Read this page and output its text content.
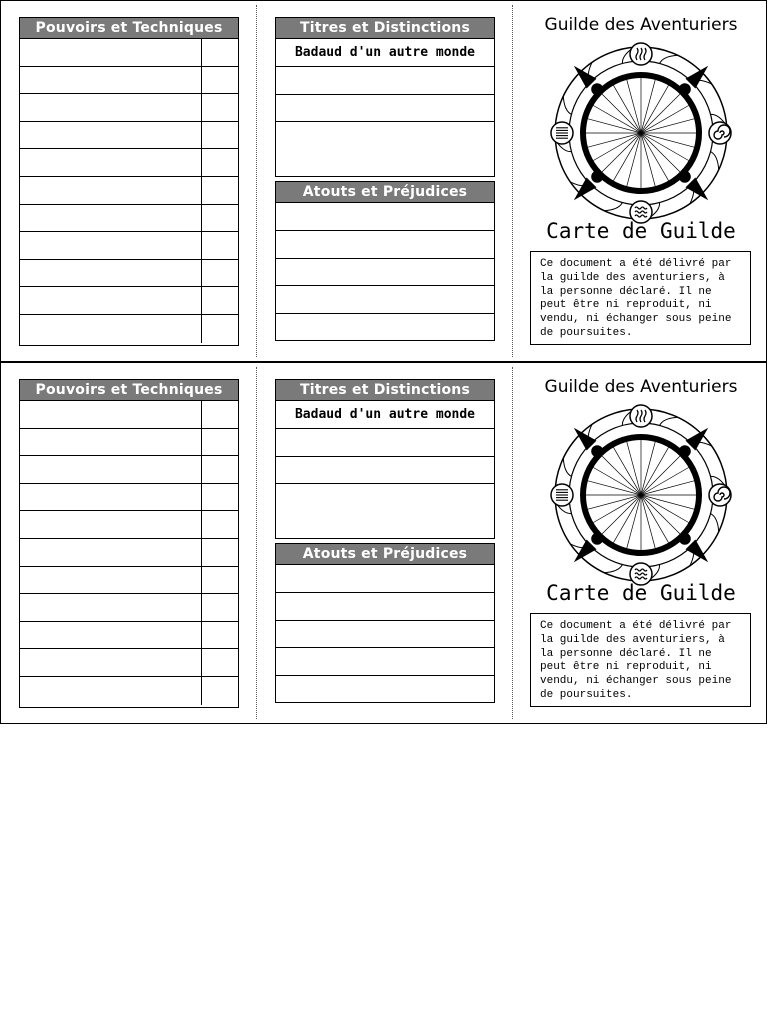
Pouvoirs et Techniques	Titres et Distinctions
Badaud d'un autre monde
Atouts et Préjudices
Guilde des Aventuriers
Carte de Guilde
Ce document a été délivré par la guilde des aventuriers, à la personne déclaré. Il ne peut être ni reproduit, ni vendu, ni échanger sous peine de poursuites.
Pouvoirs et Techniques	Titres et Distinctions
Badaud d'un autre monde
Atouts et Préjudices
Guilde des Aventuriers
Carte de Guilde
Ce document a été délivré par la guilde des aventuriers, à la personne déclaré. Il ne peut être ni reproduit, ni vendu, ni échanger sous peine de poursuites.
